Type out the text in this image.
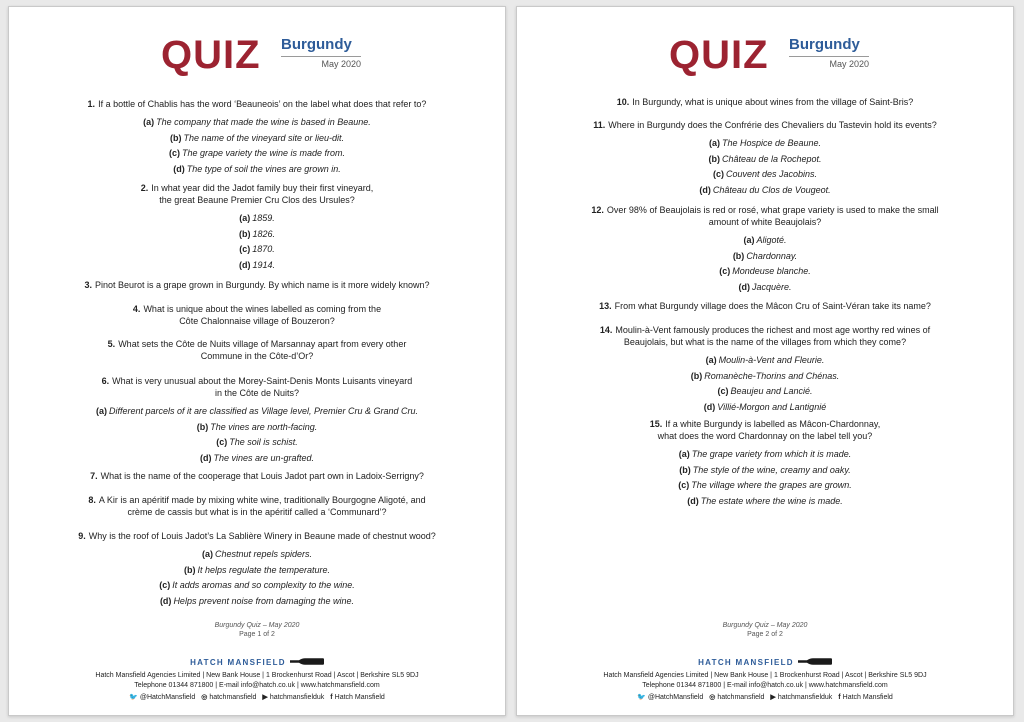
QUIZ Burgundy
May 2020
1. If a bottle of Chablis has the word ‘Beauneois’ on the label what does that refer to?
(a) The company that made the wine is based in Beaune.
(b) The name of the vineyard site or lieu-dit.
(c) The grape variety the wine is made from.
(d) The type of soil the vines are grown in.
2. In what year did the Jadot family buy their first vineyard,
the great Beaune Premier Cru Clos des Ursules?
(a) 1859.
(b) 1826.
(c) 1870.
(d) 1914.
3. Pinot Beurot is a grape grown in Burgundy. By which name is it more widely known?
4. What is unique about the wines labelled as coming from the
Côte Chalonnaise village of Bouzeron?
5. What sets the Côte de Nuits village of Marsannay apart from every other
Commune in the Côte-d’Or?
6. What is very unusual about the Morey-Saint-Denis Monts Luisants vineyard
in the Côte de Nuits?
(a) Different parcels of it are classified as Village level, Premier Cru & Grand Cru.
(b) The vines are north-facing.
(c) The soil is schist.
(d) The vines are un-grafted.
7. What is the name of the cooperage that Louis Jadot part own in Ladoix-Serrigny?
8. A Kir is an apéritif made by mixing white wine, traditionally Bourgogne Aligoté, and
crème de cassis but what is in the apéritif called a ‘Communard’?
9. Why is the roof of Louis Jadot’s La Sablière Winery in Beaune made of chestnut wood?
(a) Chestnut repels spiders.
(b) It helps regulate the temperature.
(c) It adds aromas and so complexity to the wine.
(d) Helps prevent noise from damaging the wine.
Burgundy Quiz – May 2020
Page 1 of 2
HATCH MANSFIELD
Hatch Mansfield Agencies Limited | New Bank House | 1 Brockenhurst Road | Ascot | Berkshire SL5 9DJ
Telephone 01344 871800 | E-mail info@hatch.co.uk | www.hatchmansfield.com
🐦 @HatchMansfield ◎ hatchmansfield ▶ hatchmansfielduk f Hatch Mansfield
QUIZ Burgundy
May 2020
10. In Burgundy, what is unique about wines from the village of Saint-Bris?
11. Where in Burgundy does the Confrérie des Chevaliers du Tastevin hold its events?
(a) The Hospice de Beaune.
(b) Château de la Rochepot.
(c) Couvent des Jacobins.
(d) Château du Clos de Vougeot.
12. Over 98% of Beaujolais is red or rosé, what grape variety is used to make the small
amount of white Beaujolais?
(a) Aligoté.
(b) Chardonnay.
(c) Mondeuse blanche.
(d) Jacquère.
13. From what Burgundy village does the Mâcon Cru of Saint-Véran take its name?
14. Moulin-à-Vent famously produces the richest and most age worthy red wines of
Beaujolais, but what is the name of the villages from which they come?
(a) Moulin-à-Vent and Fleurie.
(b) Romanèche-Thorins and Chénas.
(c) Beaujeu and Lancié.
(d) Villié-Morgon and Lantignié
15. If a white Burgundy is labelled as Mâcon-Chardonnay,
what does the word Chardonnay on the label tell you?
(a) The grape variety from which it is made.
(b) The style of the wine, creamy and oaky.
(c) The village where the grapes are grown.
(d) The estate where the wine is made.
Burgundy Quiz – May 2020
Page 2 of 2
HATCH MANSFIELD
Hatch Mansfield Agencies Limited | New Bank House | 1 Brockenhurst Road | Ascot | Berkshire SL5 9DJ
Telephone 01344 871800 | E-mail info@hatch.co.uk | www.hatchmansfield.com
🐦 @HatchMansfield ◎ hatchmansfield ▶ hatchmansfielduk f Hatch Mansfield
